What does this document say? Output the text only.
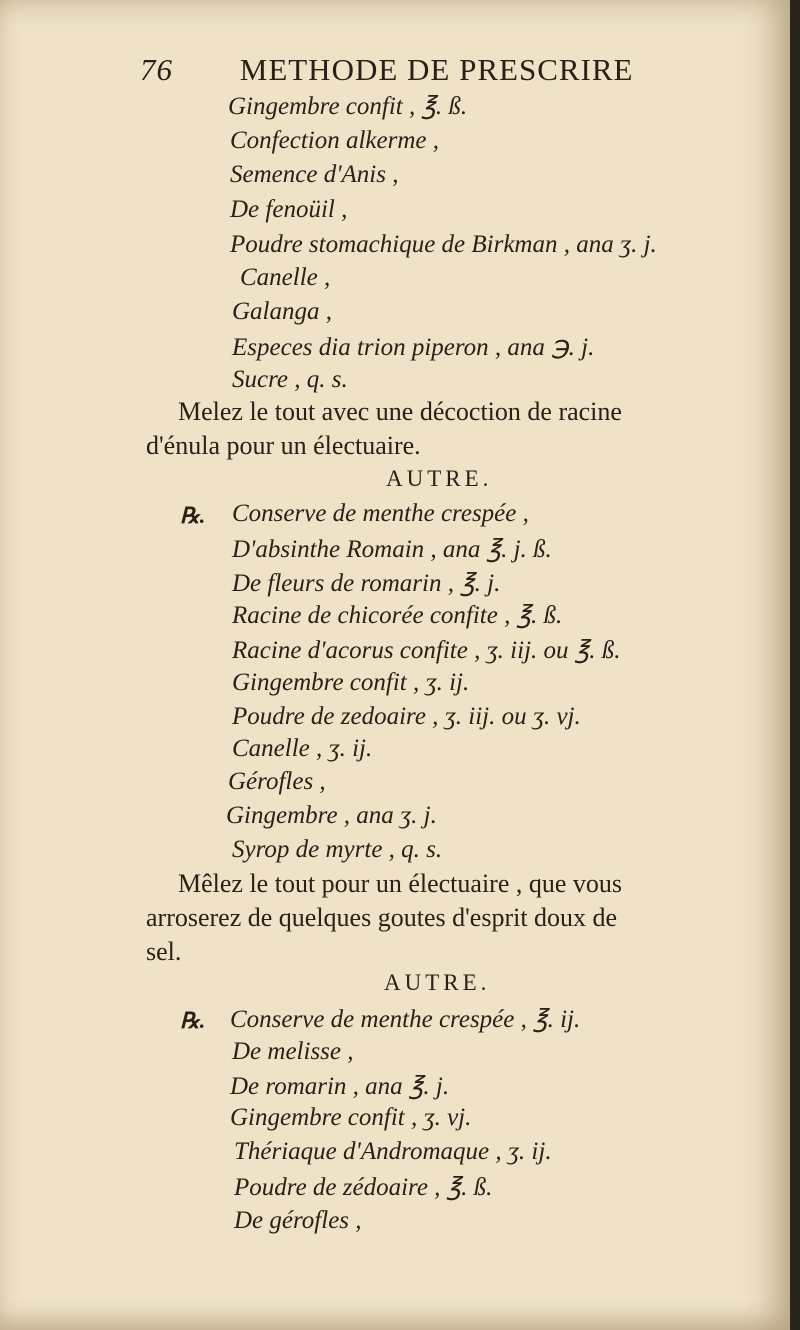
76 METHODE DE PRESCRIRE
Gingembre confit , ℥. ß.
Confection alkerme ,
Semence d'Anis ,
De fenoüil ,
Poudre stomachique de Birkman , ana ʒ. j.
Canelle ,
Galanga ,
Especes dia trion piperon , ana ℈. j.
Sucre , q. s.
Melez le tout avec une décoction de racine
d'énula pour un électuaire.
AUTRE.
℞. Conserve de menthe crespée ,
D'absinthe Romain , ana ℥. j. ß.
De fleurs de romarin , ℥. j.
Racine de chicorée confite , ℥. ß.
Racine d'acorus confite , ʒ. iij. ou ℥. ß.
Gingembre confit , ʒ. ij.
Poudre de zedoaire , ʒ. iij. ou ʒ. vj.
Canelle , ʒ. ij.
Gérofles ,
Gingembre , ana ʒ. j.
Syrop de myrte , q. s.
Mêlez le tout pour un électuaire , que vous
arroserez de quelques goutes d'esprit doux de
sel.
AUTRE.
℞. Conserve de menthe crespée , ℥. ij.
De melisse ,
De romarin , ana ℥. j.
Gingembre confit , ʒ. vj.
Thériaque d'Andromaque , ʒ. ij.
Poudre de zédoaire , ℥. ß.
De gérofles ,
